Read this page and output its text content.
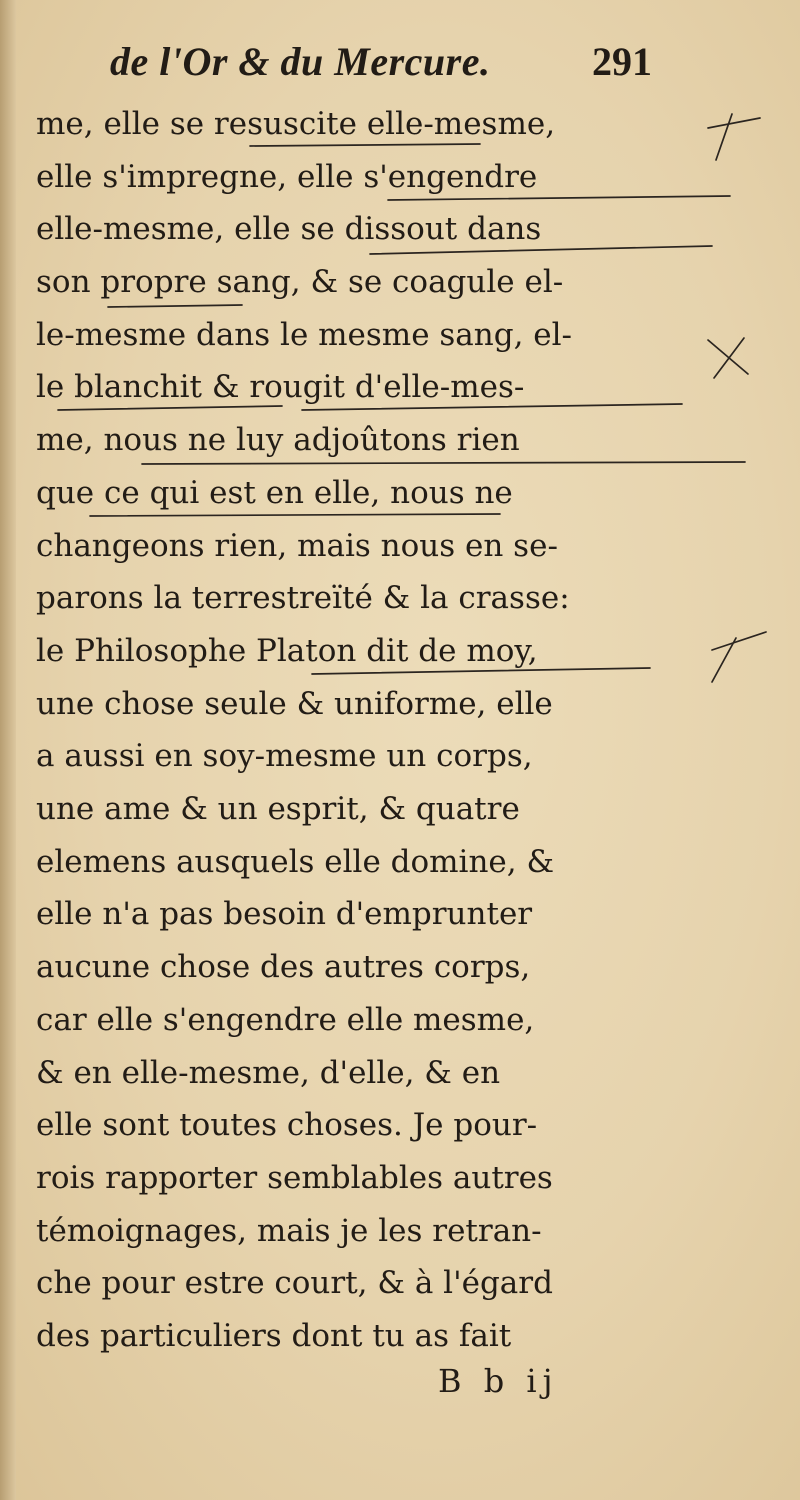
de l'Or & du Mercure.	291
me, elle se resuscite elle-mesme,
elle s'impregne, elle s'engendre
elle-mesme, elle se dissout dans
son propre sang, & se coagule el-
le-mesme dans le mesme sang, el-
le blanchit & rougit d'elle-mes-
me, nous ne luy adjoûtons rien
que ce qui est en elle, nous ne
changeons rien, mais nous en se-
parons la terrestreïté & la crasse:
le Philosophe Platon dit de moy,
une chose seule & uniforme, elle
a aussi en soy-mesme un corps,
une ame & un esprit, & quatre
elemens ausquels elle domine, &
elle n'a pas besoin d'emprunter
aucune chose des autres corps,
car elle s'engendre elle mesme,
& en elle-mesme, d'elle, & en
elle sont toutes choses. Je pour-
rois rapporter semblables autres
témoignages, mais je les retran-
che pour estre court, & à l'égard
des particuliers dont tu as fait
B b ij
